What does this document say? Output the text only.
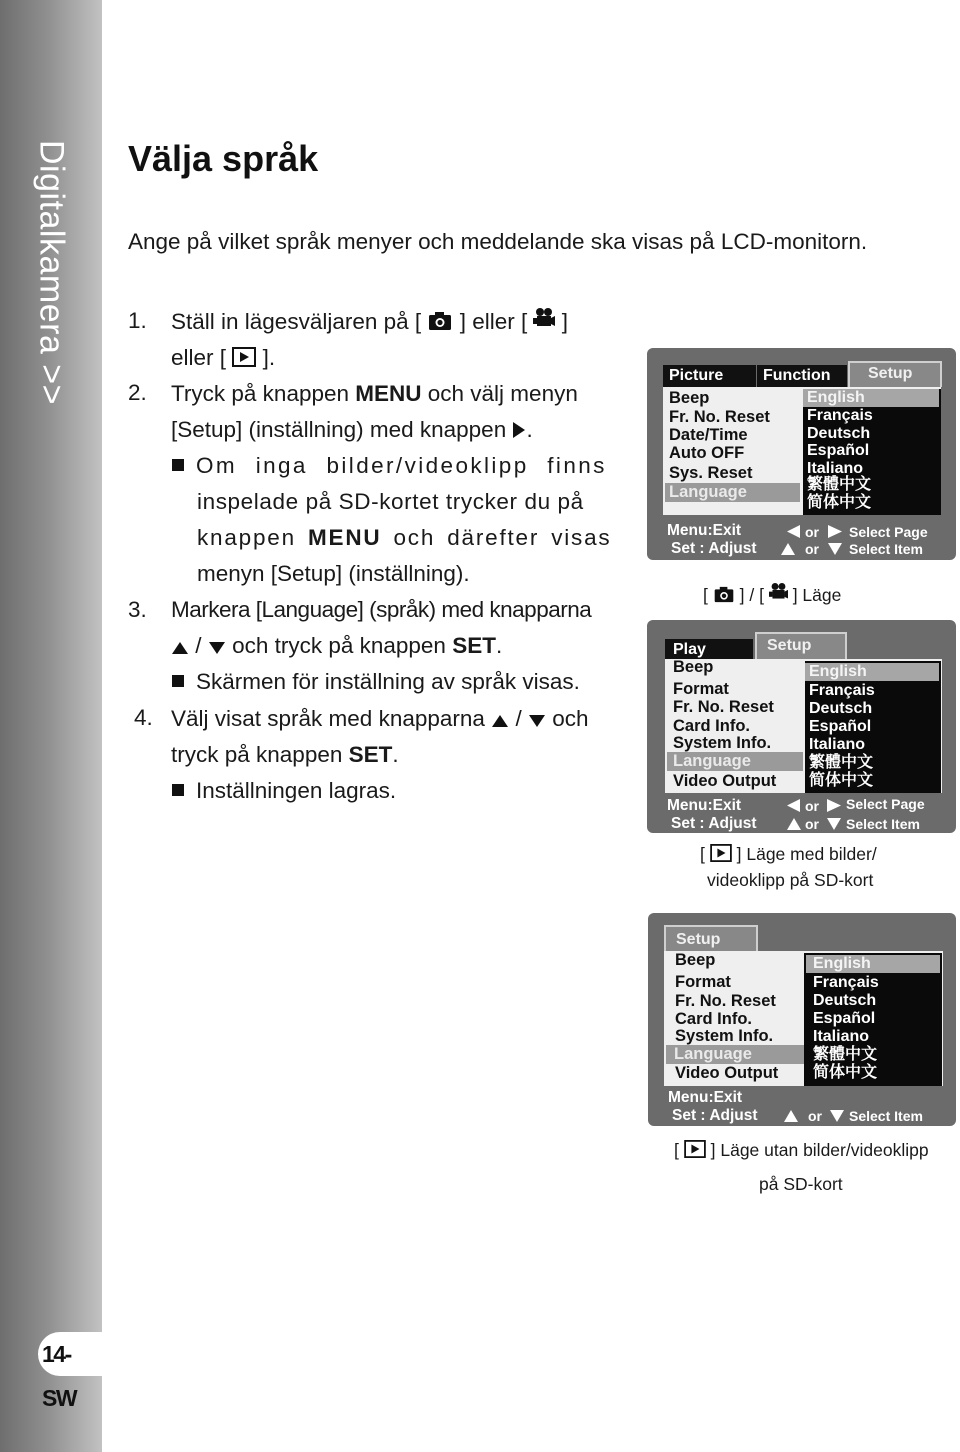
Digitalkamera >>
14-SW
Välja språk
Ange på vilket språk menyer och meddelande ska visas på LCD-monitorn.
1. Ställ in lägesväljaren på [ ] eller [ ]
eller [ ].
2. Tryck på knappen MENU och välj menyn
[Setup] (inställning) med knappen .
Om inga bilder/videoklipp finns
inspelade på SD-kortet trycker du på
knappen MENU och därefter visas
menyn [Setup] (inställning).
3. Markera [Language] (språk) med knapparna
/ och tryck på knappen SET.
Skärmen för inställning av språk visas.
4. Välj visat språk med knapparna / och
tryck på knappen SET.
Inställningen lagras.
Picture	Function	Setup
Beep
Fr. No. Reset
Date/Time
Auto OFF
Sys. Reset
Language
English
Français
Deutsch
Español
Italiano
繁體中文
简体中文
Menu:Exit
Set : Adjust
or Select Page
or Select Item
[ ] / [ ] Läge
Play	Setup
Beep
Format
Fr. No. Reset
Card Info.
System Info.
Language
Video Output
English
Français
Deutsch
Español
Italiano
繁體中文
简体中文
Menu:Exit
Set : Adjust
or Select Page
or Select Item
[ ] Läge med bilder/
videoklipp på SD-kort
Setup
Beep
Format
Fr. No. Reset
Card Info.
System Info.
Language
Video Output
English
Français
Deutsch
Español
Italiano
繁體中文
简体中文
Menu:Exit
Set : Adjust	or Select Item
[ ] Läge utan bilder/videoklipp
på SD-kort
